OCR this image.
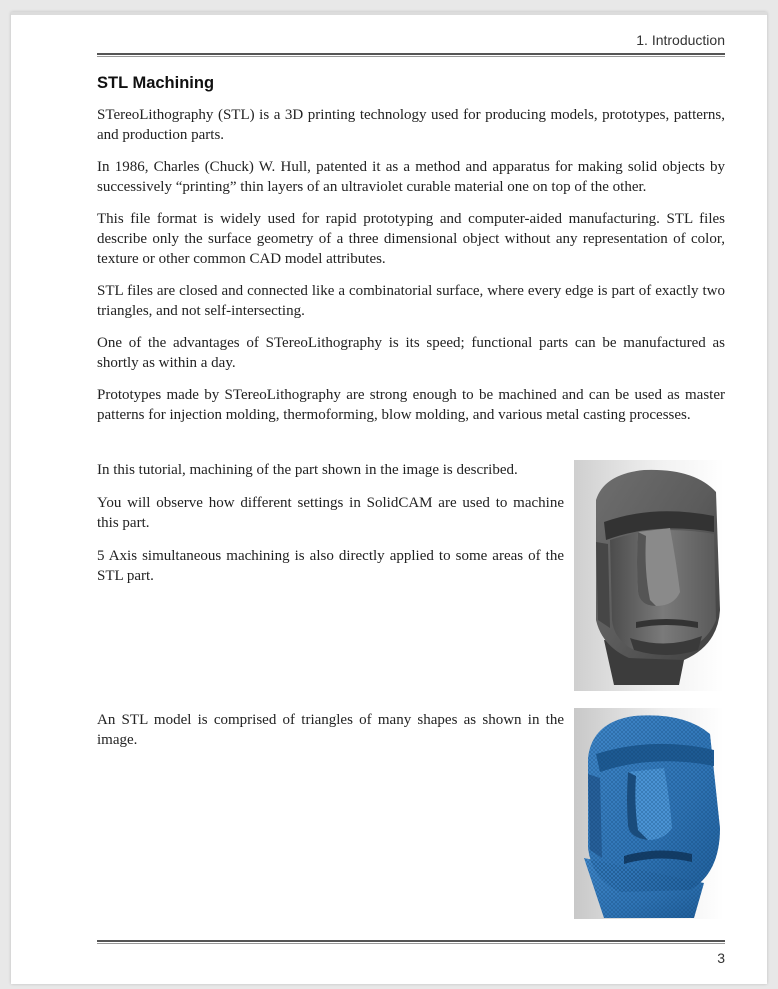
1. Introduction
STL Machining

STereoLithography (STL) is a 3D printing technology used for producing models, prototypes, patterns, and production parts.

In 1986, Charles (Chuck) W. Hull, patented it as a method and apparatus for making solid objects by successively “printing” thin layers of an ultraviolet curable material one on top of the other.

This file format is widely used for rapid prototyping and computer-aided manufacturing. STL files describe only the surface geometry of a three dimensional object without any representation of color, texture or other common CAD model attributes.

STL files are closed and connected like a combinatorial surface, where every edge is part of exactly two triangles, and not self-intersecting.

One of the advantages of STereoLithography is its speed; functional parts can be manufactured as shortly as within a day.

Prototypes made by STereoLithography are strong enough to be machined and can be used as master patterns for injection molding, thermoforming, blow molding, and various metal casting processes.

In this tutorial, machining of the part shown in the image is described.

You will observe how different settings in SolidCAM are used to machine this part.

5 Axis simultaneous machining is also directly applied to some areas of the STL part.

An STL model is comprised of triangles of many shapes as shown in the image.

3
